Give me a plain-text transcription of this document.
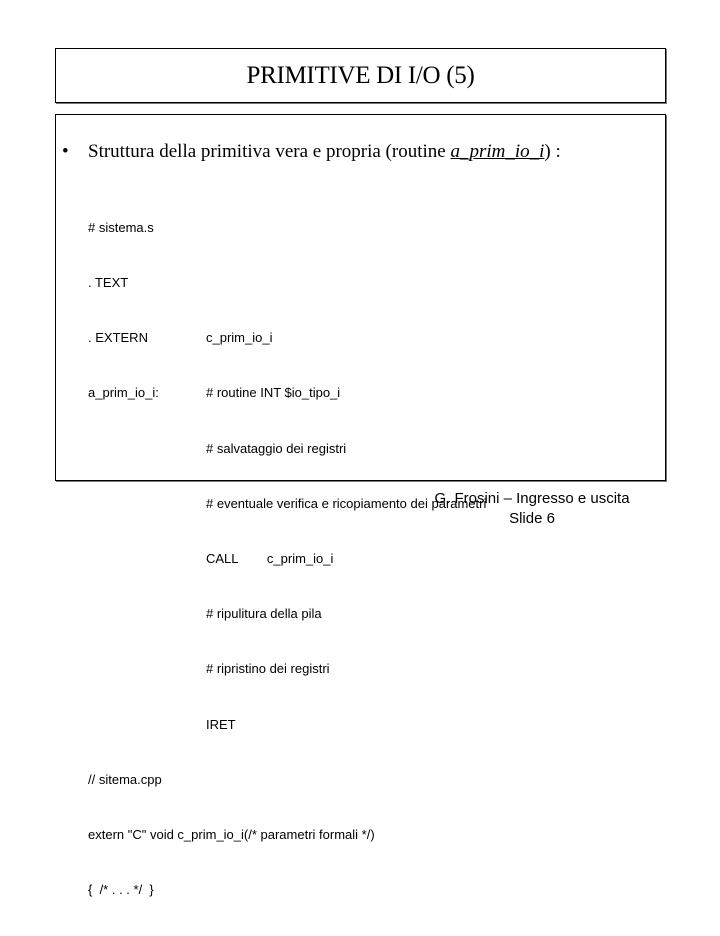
PRIMITIVE DI I/O (5)
• Struttura della primitiva vera e propria (routine a_prim_io_i) :

# sistema.s

. TEXT

. EXTERN	c_prim_io_i

a_prim_io_i:	# routine INT $io_tipo_i

# salvataggio dei registri

# eventuale verifica e ricopiamento dei parametri

CALL        c_prim_io_i

# ripulitura della pila

# ripristino dei registri

IRET

// sitema.cpp

extern "C" void c_prim_io_i(/* parametri formali */)

{  /* . . . */  }

G. Frosini – Ingresso e uscita
Slide 6
